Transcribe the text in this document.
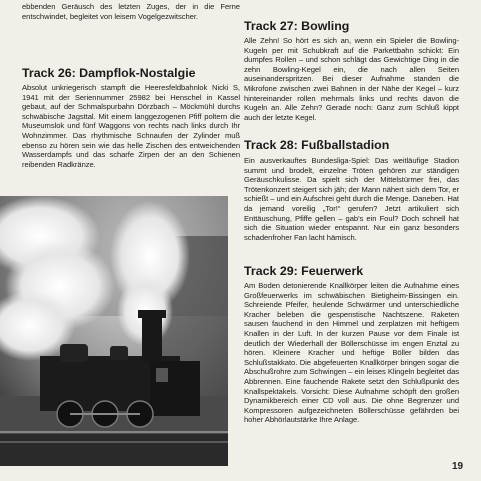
ebbenden Geräusch des letzten Zuges, der in die Ferne entschwindet, begleitet von leisem Vogelgezwitscher.

Track 26: Dampflok-Nostalgie

Absolut unkriegerisch stampft die Heeresfeldbahnlok Nicki S, 1941 mit der Seriennummer 25982 bei Henschel in Kassel gebaut, auf der Schmalspurbahn Dörzbach – Möckmühl durchs schwäbische Jagsttal. Mit einem langgezogenen Pfiff poltern die Museumslok und fünf Waggons von rechts nach links durch Ihr Wohnzimmer. Das rhythmische Schnaufen der Zylinder muß ebenso zu hören sein wie das helle Zischen des entweichenden Wasserdampfs und das scharfe Zirpen der an den Schienen reibenden Radkränze.

Track 27: Bowling

Alle Zehn! So hört es sich an, wenn ein Spieler die Bowling-Kugeln per mit Schubkraft auf die Parkettbahn schickt: Ein dumpfes Rollen – und schon schlägt das Gewichtige Ding in die zehn Bowling-Kegel ein, die nach allen Seiten auseinanderspritzen. Bei dieser Aufnahme standen die Mikrofone zwischen zwei Bahnen in der Nähe der Kegel – kurz hintereinander rollen mehrmals links und rechts davon die Kugeln an. Alle Zehn? Gerade noch: Ganz zum Schluß kippt auch der letzte Kegel.

Track 28: Fußballstadion

Ein ausverkauftes Bundesliga-Spiel: Das weitläufige Stadion summt und brodelt, einzelne Tröten gehören zur ständigen Geräuschkulisse. Da spielt sich der Mittelstürmer frei, das Trötenkonzert steigert sich jäh; der Mann nähert sich dem Tor, er schießt – und ein Aufschrei geht durch die Menge. Daneben. Hat da jemand voreilig „Tor!“ gerufen? Jetzt artikuliert sich Enttäuschung, Pfiffe gellen – gab’s ein Foul? Doch schnell hat sich die Situation wieder entspannt. Nur ein ganz besonders schadenfroher Fan lacht hämisch.

Track 29: Feuerwerk

Am Boden detonierende Knallkörper leiten die Aufnahme eines Großfeuerwerks im schwäbischen Bietigheim-Bissingen ein. Schreiende Pfeifer, heulende Schwärmer und unterschiedliche Kracher beleben die gespenstische Nachtszene. Raketen sausen fauchend in den Himmel und zerplatzen mit heftigem Knallen in der Luft. In der kurzen Pause vor dem Finale ist deutlich der Wiederhall der Böllerschüsse im engen Enztal zu hören. Kleinere Kracher und heftige Böller bilden das Schlußstakkato. Die abgefeuerten Knallkörper bringen sogar die Abschußrohre zum Schwingen – ein leises Klingeln begleitet das Abbrennen. Eine fauchende Rakete setzt den Schlußpunkt des Knallspektakels. Vorsicht: Diese Aufnahme schöpft den großen Dynamikbereich einer CD voll aus. Die ohne Begrenzer und Kompressoren aufgezeichneten Böllerschüsse gefährden bei hoher Abhörlautstärke Ihre Anlage.

19
